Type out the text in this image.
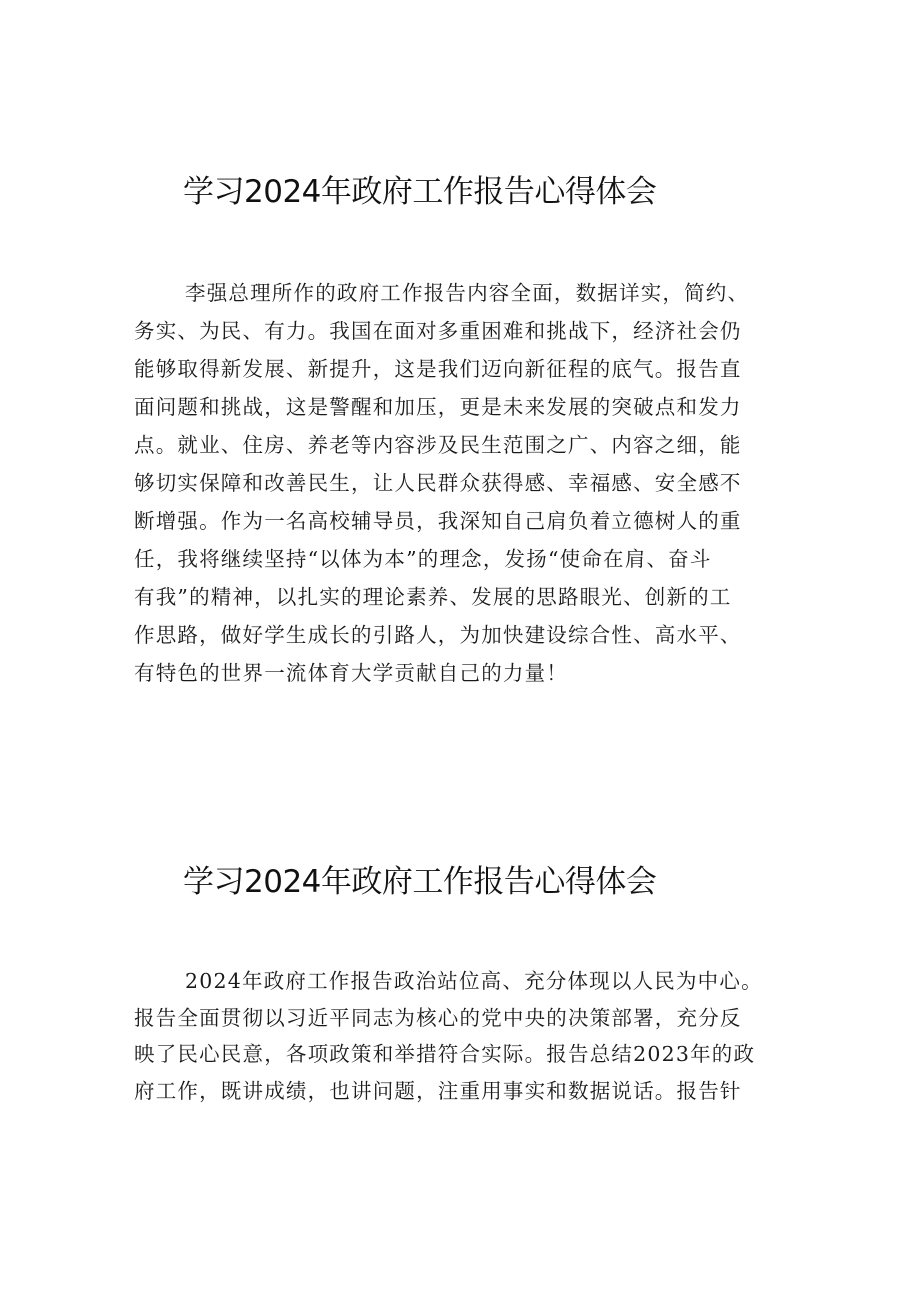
学习2024年政府工作报告心得体会
李强总理所作的政府工作报告内容全面，数据详实，简约、
务实、为民、有力。我国在面对多重困难和挑战下，经济社会仍
能够取得新发展、新提升，这是我们迈向新征程的底气。报告直
面问题和挑战，这是警醒和加压，更是未来发展的突破点和发力
点。就业、住房、养老等内容涉及民生范围之广、内容之细，能
够切实保障和改善民生，让人民群众获得感、幸福感、安全感不
断增强。作为一名高校辅导员，我深知自己肩负着立德树人的重
任，我将继续坚持“以体为本”的理念，发扬“使命在肩、奋斗
有我”的精神，以扎实的理论素养、发展的思路眼光、创新的工
作思路，做好学生成长的引路人，为加快建设综合性、高水平、
有特色的世界一流体育大学贡献自己的力量！
学习2024年政府工作报告心得体会
2024年政府工作报告政治站位高、充分体现以人民为中心。
报告全面贯彻以习近平同志为核心的党中央的决策部署，充分反
映了民心民意，各项政策和举措符合实际。报告总结2023年的政
府工作，既讲成绩，也讲问题，注重用事实和数据说话。报告针
